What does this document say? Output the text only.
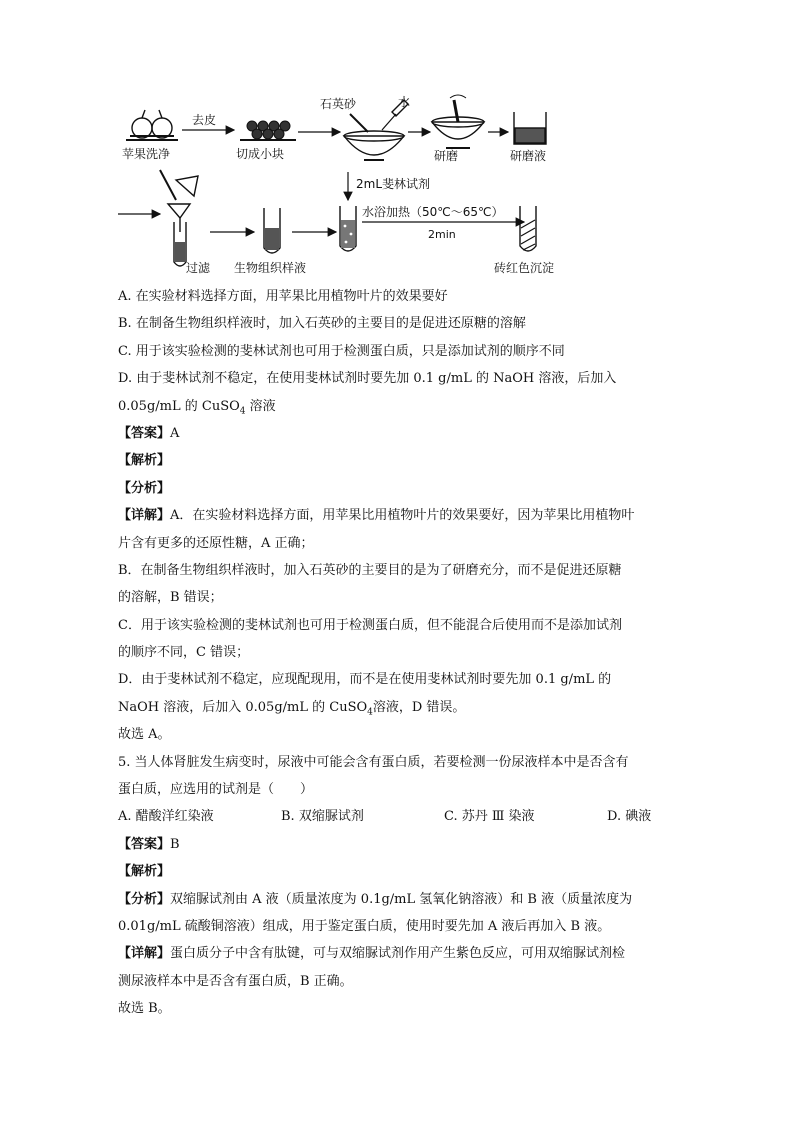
苹果洗净
去皮
切成小块
石英砂	水
研磨	研磨液
过滤 生物组织样液
2mL斐林试剂
水浴加热（50℃～65℃）
2min
砖红色沉淀
A. 在实验材料选择方面，用苹果比用植物叶片的效果要好
B. 在制备生物组织样液时，加入石英砂的主要目的是促进还原糖的溶解
C. 用于该实验检测的斐林试剂也可用于检测蛋白质，只是添加试剂的顺序不同
D. 由于斐林试剂不稳定，在使用斐林试剂时要先加 0.1 g/mL 的 NaOH 溶液，后加入
0.05g/mL 的 CuSO$_4$ 溶液
【答案】A
【解析】
【分析】
【详解】A．在实验材料选择方面，用苹果比用植物叶片的效果要好，因为苹果比用植物叶
片含有更多的还原性糖，A 正确；
B．在制备生物组织样液时，加入石英砂的主要目的是为了研磨充分，而不是促进还原糖
的溶解，B 错误；
C．用于该实验检测的斐林试剂也可用于检测蛋白质，但不能混合后使用而不是添加试剂
的顺序不同，C 错误；
D．由于斐林试剂不稳定，应现配现用，而不是在使用斐林试剂时要先加 0.1 g/mL 的
NaOH 溶液，后加入 0.05g/mL 的 CuSO$_4$溶液，D 错误。
故选 A。
5. 当人体肾脏发生病变时，尿液中可能会含有蛋白质，若要检测一份尿液样本中是否含有
蛋白质，应选用的试剂是（　　）
A. 醋酸洋红染液	B. 双缩脲试剂	C. 苏丹 Ⅲ 染液	D. 碘液
【答案】B
【解析】
【分析】双缩脲试剂由 A 液（质量浓度为 0.1g/mL 氢氧化钠溶液）和 B 液（质量浓度为
0.01g/mL 硫酸铜溶液）组成，用于鉴定蛋白质，使用时要先加 A 液后再加入 B 液。
【详解】蛋白质分子中含有肽键，可与双缩脲试剂作用产生紫色反应，可用双缩脲试剂检
测尿液样本中是否含有蛋白质，B 正确。
故选 B。
